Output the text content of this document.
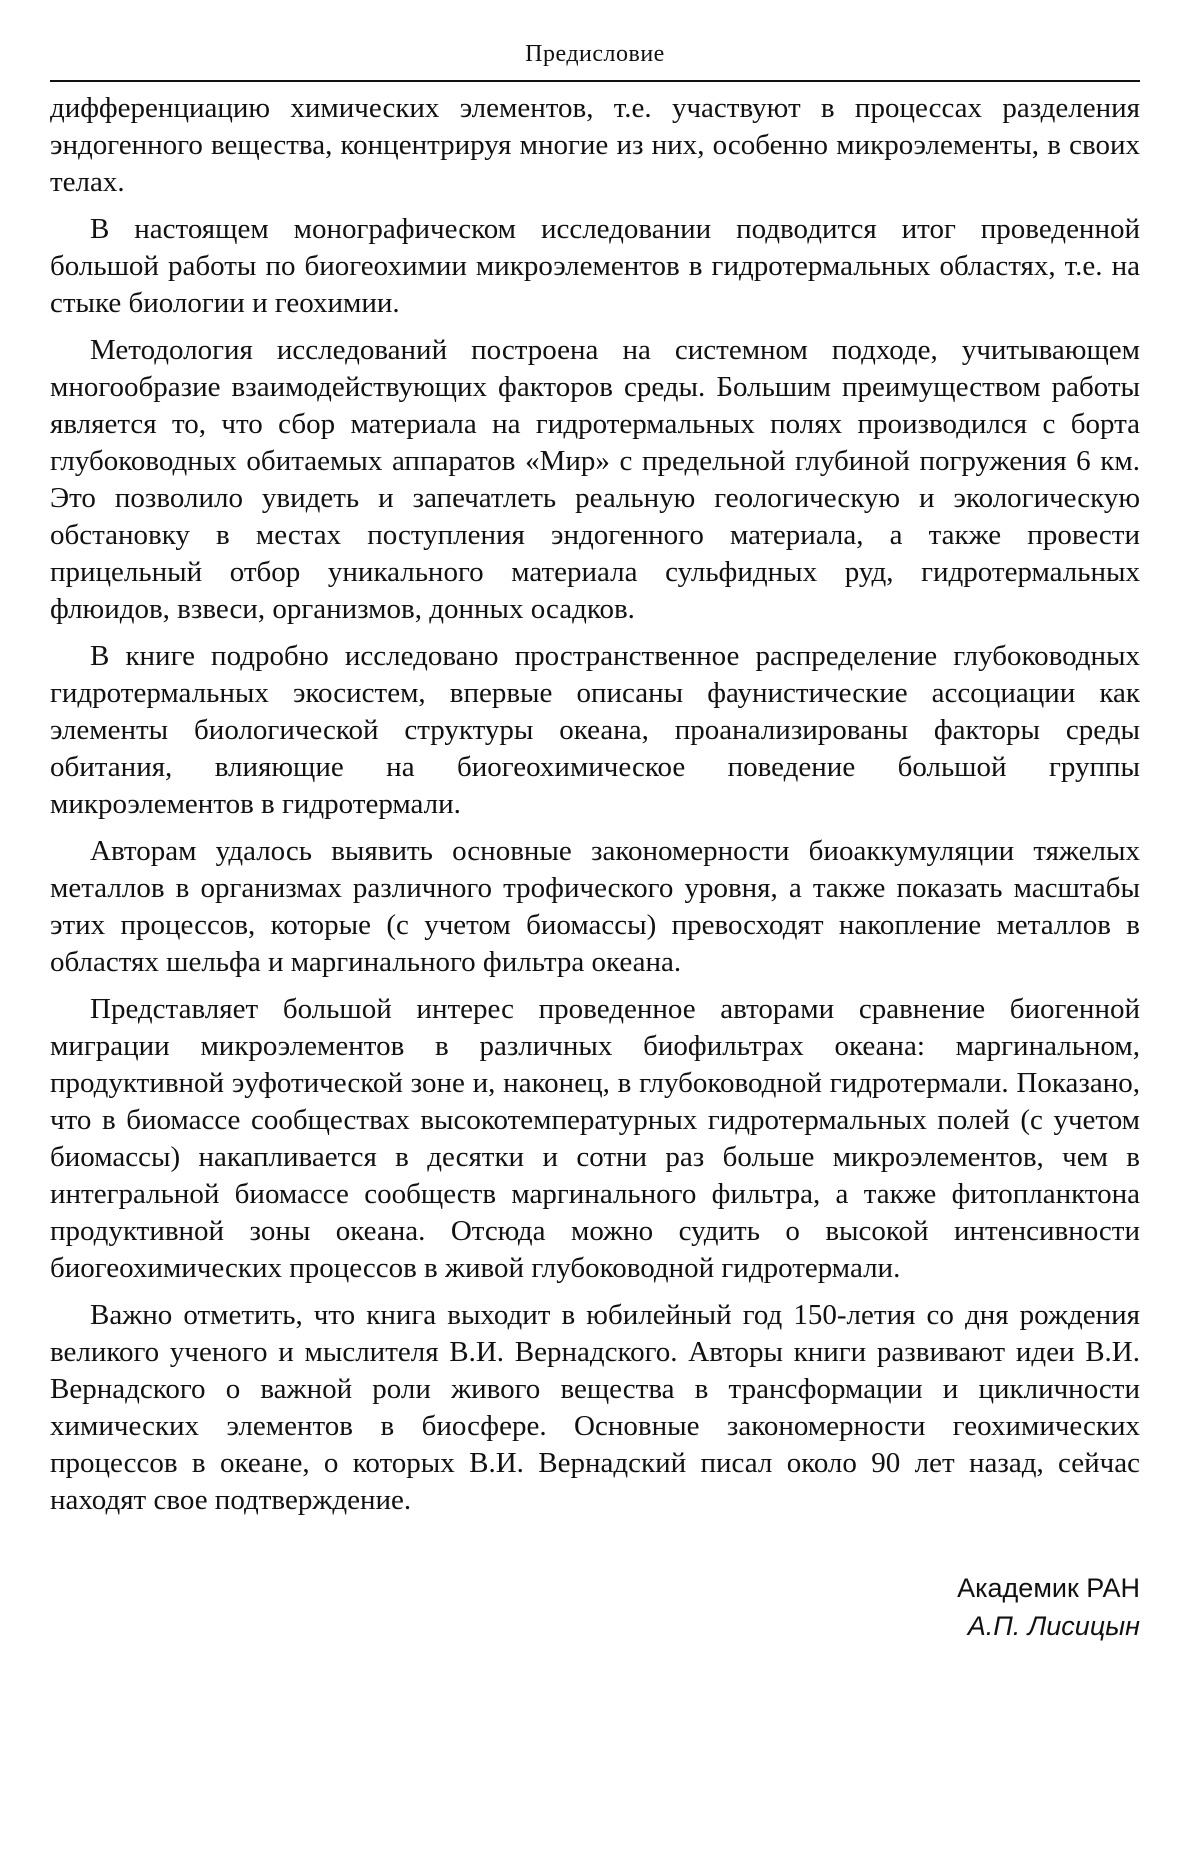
Предисловие

дифференциацию химических элементов, т.е. участвуют в процессах разделения эндогенного вещества, концентрируя многие из них, особенно микроэлементы, в своих телах.

В настоящем монографическом исследовании подводится итог проведенной большой работы по биогеохимии микроэлементов в гидротермальных областях, т.е. на стыке биологии и геохимии.

Методология исследований построена на системном подходе, учитывающем многообразие взаимодействующих факторов среды. Большим преимуществом работы является то, что сбор материала на гидротермальных полях производился с борта глубоководных обитаемых аппаратов «Мир» с предельной глубиной погружения 6 км. Это позволило увидеть и запечатлеть реальную геологическую и экологическую обстановку в местах поступления эндогенного материала, а также провести прицельный отбор уникального материала сульфидных руд, гидротермальных флюидов, взвеси, организмов, донных осадков.

В книге подробно исследовано пространственное распределение глубоководных гидротермальных экосистем, впервые описаны фаунистические ассоциации как элементы биологической структуры океана, проанализированы факторы среды обитания, влияющие на биогеохимическое поведение большой группы микроэлементов в гидротермали.

Авторам удалось выявить основные закономерности биоаккумуляции тяжелых металлов в организмах различного трофического уровня, а также показать масштабы этих процессов, которые (с учетом биомассы) превосходят накопление металлов в областях шельфа и маргинального фильтра океана.

Представляет большой интерес проведенное авторами сравнение биогенной миграции микроэлементов в различных биофильтрах океана: маргинальном, продуктивной эуфотической зоне и, наконец, в глубоководной гидротермали. Показано, что в биомассе сообществах высокотемпературных гидротермальных полей (с учетом биомассы) накапливается в десятки и сотни раз больше микроэлементов, чем в интегральной биомассе сообществ маргинального фильтра, а также фитопланктона продуктивной зоны океана. Отсюда можно судить о высокой интенсивности биогеохимических процессов в живой глубоководной гидротермали.

Важно отметить, что книга выходит в юбилейный год 150-летия со дня рождения великого ученого и мыслителя В.И. Вернадского. Авторы книги развивают идеи В.И. Вернадского о важной роли живого вещества в трансформации и цикличности химических элементов в биосфере. Основные закономерности геохимических процессов в океане, о которых В.И. Вернадский писал около 90 лет назад, сейчас находят свое подтверждение.

Академик РАН
А.П. Лисицын
